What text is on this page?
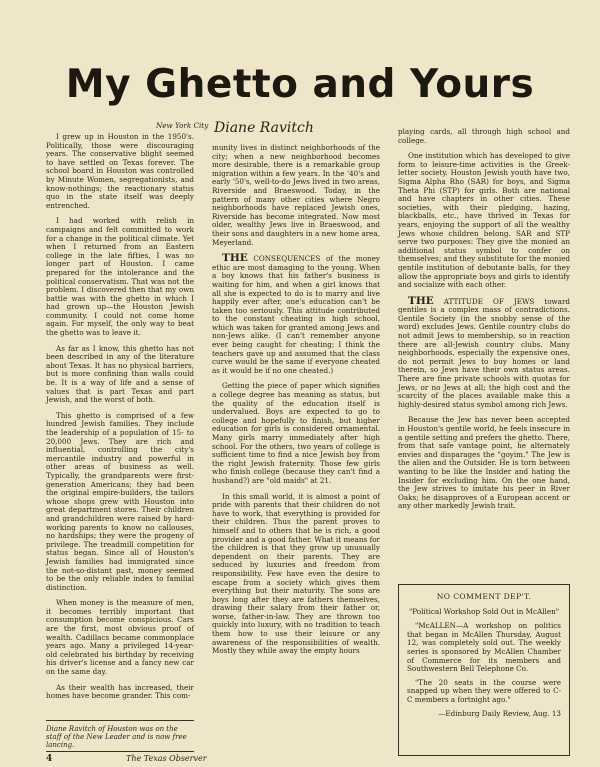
My Ghetto and Yours
New York City Diane Ravitch

I grew up in Houston in the 1950's. Politically, those were discouraging years. The conservative blight seemed to have settled on Texas forever. The school board in Houston was controlled by Minute Women, segregationists, and know-nothings; the reactionary status quo in the state itself was deeply entrenched.

I had worked with relish in campaigns and felt committed to work for a change in the political climate. Yet when I returned from an Eastern college in the late fifties, I was no longer part of Houston. I came prepared for the intolerance and the political conservatism. That was not the problem. I discovered then that my own battle was with the ghetto in which I had grown up—the Houston Jewish community. I could not come home again. For myself, the only way to beat the ghetto was to leave it.

As far as I know, this ghetto has not been described in any of the literature about Texas. It has no physical barriers, but is more confining than walls could be. It is a way of life and a sense of values that is part Texas and part Jewish, and the worst of both.

This ghetto is comprised of a few hundred Jewish families. They include the leadership of a population of 15- to 20,000 Jews. They are rich and influential, controlling the city's mercantile industry and powerful in other areas of business as well. Typically, the grandparents were first-generation Americans; they had been the original empire-builders, the tailors whose shops grew with Houston into great department stores. Their children and grandchildren were raised by hard-working parents to know no callouses, no hardships; they were the progeny of privilege. The treadmill competition for status began. Since all of Houston's Jewish families had immigrated since the not-so-distant past, money seemed to be the only reliable index to familial distinction.

When money is the measure of men, it becomes terribly important that consumption become conspicious. Cars are the first, most obvious proof of wealth. Cadillacs became commonplace years ago. Many a privileged 14-year-old celebrated his birthday by receiving his driver's license and a fancy new car on the same day.

As their wealth has increased, their homes have become grander. This com-

Diane Ravitch of Houston was on the staff of the New Leader and is now free lancing.
4	The Texas Observer

munity lives in distinct neighborhoods of the city; when a new neighborhood becomes more desirable, there is a remarkable group migration within a few years. In the '40's and early '50's, well-to-do Jews lived in two areas, Riverside and Braeswood. Today, in the pattern of many other cities where Negro neighborhoods have replaced Jewish ones, Riverside has become integrated. Now most older, wealthy Jews live in Braeswood, and their sons and daughters in a new home area, Meyerland.

THE CONSEQUENCES of the money ethic are most damaging to the young. When a boy knows that his father's business is waiting for him, and when a girl knows that all she is expected to do is to marry and live happily ever after, one's education can't be taken too seriously. This attitude contributed to the constant cheating in high school, which was taken for granted among Jews and non-Jews alike. (I can't remember anyone ever being caught for cheating; I think the teachers gave up and assumed that the class curve would be the same if everyone cheated as it would be if no one cheated.)

Getting the piece of paper which signifies a college degree has meaning as status, but the quality of the education itself is undervalued. Boys are expected to go to college and hopefully to finish, but higher education for girls is considered ornamental. Many girls marry immediately after high school. For the others, two years of college is sufficient time to find a nice Jewish boy from the right Jewish fraternity. Those few girls who finish college (because they can't find a husband?) are "old maids" at 21.

In this small world, it is almost a point of pride with parents that their children do not have to work, that everything is provided for their children. Thus the parent proves to himself and to others that he is rich, a good provider and a good father. What it means for the children is that they grow up unusually dependent on their parents. They are seduced by luxuries and freedom from responsibility. Few have even the desire to escape from a society which gives them everything but their maturity. The sons are boys long after they are fathers themselves, drawing their salary from their father or, worse, father-in-law. They are thrown too quickly into luxury, with no tradition to teach them how to use their leisure or any awareness of the responsibilities of wealth. Mostly they while away the empty hours

playing cards, all through high school and college.

One institution which has developed to give form to leisure-time activities is the Greek-letter society. Houston Jewish youth have two, Sigma Alpha Rho (SAR) for boys, and Sigma Theta Phi (STP) for girls. Both are national and have chapters in other cities. These societies, with their pledging, hazing, blackballs, etc., have thrived in Texas for years, enjoying the support of all the wealthy Jews whose children belong. SAR and STP serve two purposes: They give the monied an additional status symbol to confer on themselves; and they substitute for the monied gentile institution of debutante balls, for they allow the appropriate boys and girls to identify and socialize with each other.

THE ATTITUDE OF JEWS toward gentiles is a complex mass of contradictions. Gentile Society (in the snobby sense of the word) excludes Jews. Gentile country clubs do not admit Jews to membership, so in reaction there are all-Jewish country clubs. Many neighborhoods, especially the expensive ones, do not permit Jews to buy homes or land therein, so Jews have their own status areas. There are fine private schools with quotas for Jews, or no Jews at all; the high cost and the scarcity of the places available make this a highly-desired status symbol among rich Jews.

Because the Jew has never been accepted in Houston's gentile world, he feels insecure in a gentile setting and prefers the ghetto. There, from that safe vantage point, he alternately envies and disparages the "goyim." The Jew is the alien and the Outsider. He is torn between wanting to be like the Insider and hating the Insider for excluding him. On the one hand, the Jew strives to imitate his peer in River Oaks; he disapproves of a European accent or any other markedly Jewish trait.

NO COMMENT DEP'T.
"Political Workshop Sold Out in McAllen"

"McALLEN—A workshop on politics that began in McAllen Thursday, August 12, was completely sold out. The weekly series is sponsored by McAllen Chamber of Commerce for its members and Southwestern Bell Telephone Co.

"The 20 seats in the course were snapped up when they were offered to C-C members a fortnight ago."

—Edinburg Daily Review, Aug. 13
